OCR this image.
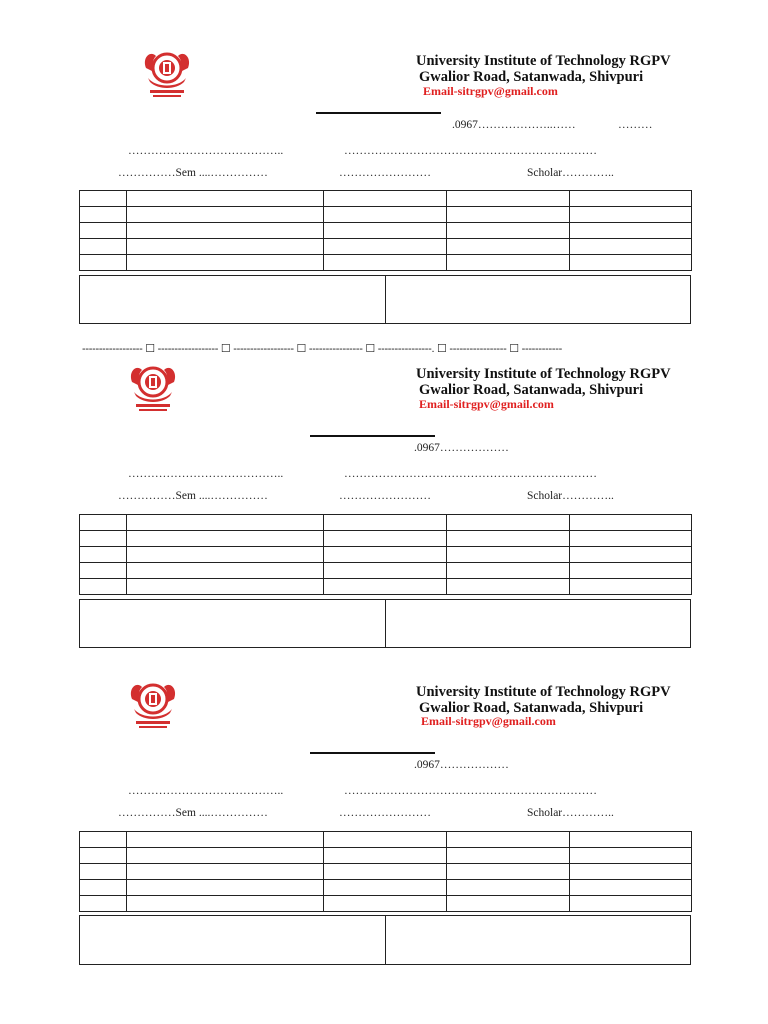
University Institute of Technology RGPV
Gwalior Road, Satanwada, Shivpuri
Email-sitrgpv@gmail.com
.0967………………..……	………
…………………………………..	…………………………………………………………
……………Sem ....……………	……………………	Scholar…………..

------------------ ☐ ------------------ ☐ ------------------ ☐ ---------------- ☐ ----------------. ☐ ----------------- ☐ ------------
University Institute of Technology RGPV
Gwalior Road, Satanwada, Shivpuri
Email-sitrgpv@gmail.com
.0967………………
…………………………………..	…………………………………………………………
……………Sem ....……………	……………………	Scholar…………..

University Institute of Technology RGPV
Gwalior Road, Satanwada, Shivpuri
Email-sitrgpv@gmail.com
.0967………………
…………………………………..	…………………………………………………………
……………Sem ....……………	……………………	Scholar…………..
